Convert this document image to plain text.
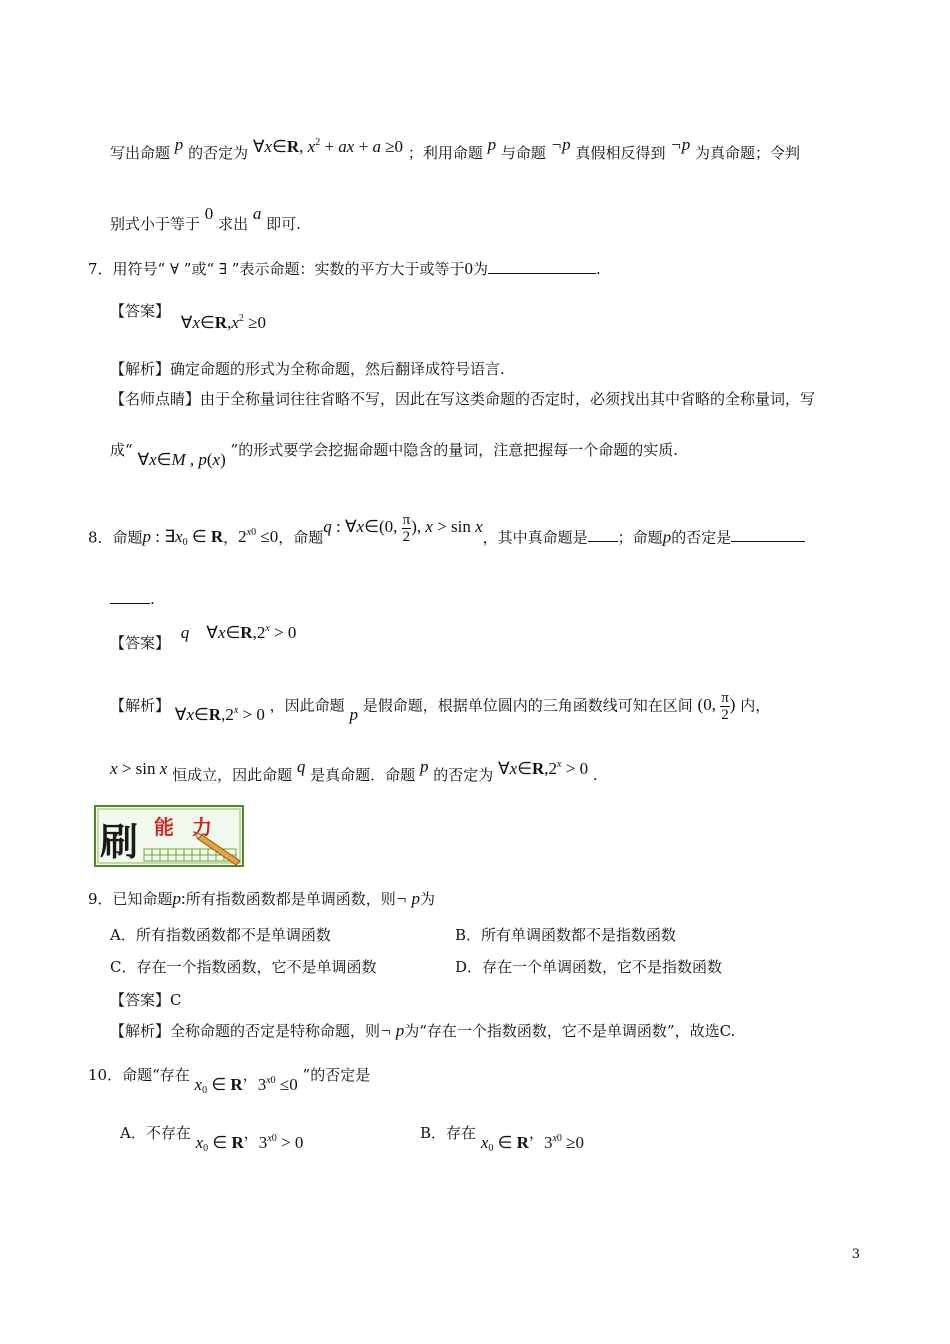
写出命题 p 的否定为 ∀x∈R, $x^2$ + ax + a ≥0 ；利用命题 p 与命题 ¬p 真假相反得到 ¬p 为真命题；令判
别式小于等于 0 求出 a 即可.
7．用符号“ ∀ ”或“ ∃ ”表示命题：实数的平方大于或等于0为	.
【答案】 $\forall x\in R,x^2 \ge 0$
【解析】确定命题的形式为全称命题，然后翻译成符号语言.
【名师点睛】由于全称量词往往省略不写，因此在写这类命题的否定时，必须找出其中省略的全称量词，写
成“ ∀x∈M , p(x) ”的形式要学会挖掘命题中隐含的量词，注意把握每一个命题的实质.
8．命题p : $\exists x_0$ ∈ R，$2^{x0} \le 0$，命题q : ∀x∈(0, $\frac{\pi}{2}$ ), x > sin x，其中真命题是 ；命题p的否定是
.
【答案】 q    $\forall x\in R,2^x > 0$
【解析】 $\forall x\in R,2^x > 0$ ，因此命题 p 是假命题，根据单位圆内的三角函数线可知在区间 (0, $\frac{\pi}{2}$ ) 内，
x > sin x 恒成立，因此命题 q 是真命题．命题 p 的否定为 $\forall x\in R,2^x > 0$ .
刷 能 力
9．已知命题p:所有指数函数都是单调函数，则¬ p为
A．所有指数函数都不是单调函数	B．所有单调函数都不是指数函数
C．存在一个指数函数，它不是单调函数	D．存在一个单调函数，它不是指数函数
【答案】C
【解析】全称命题的否定是特称命题，则¬ p为“存在一个指数函数，它不是单调函数”，故选C.
10．命题“存在 $x_0$ ∈ R，$3^{x0} \le 0$ ”的否定是
A．不存在 $x_0$ ∈ R，$3^{x0} > 0$	B．存在 $x_0$ ∈ R，$3^{x0} \ge 0$
3
